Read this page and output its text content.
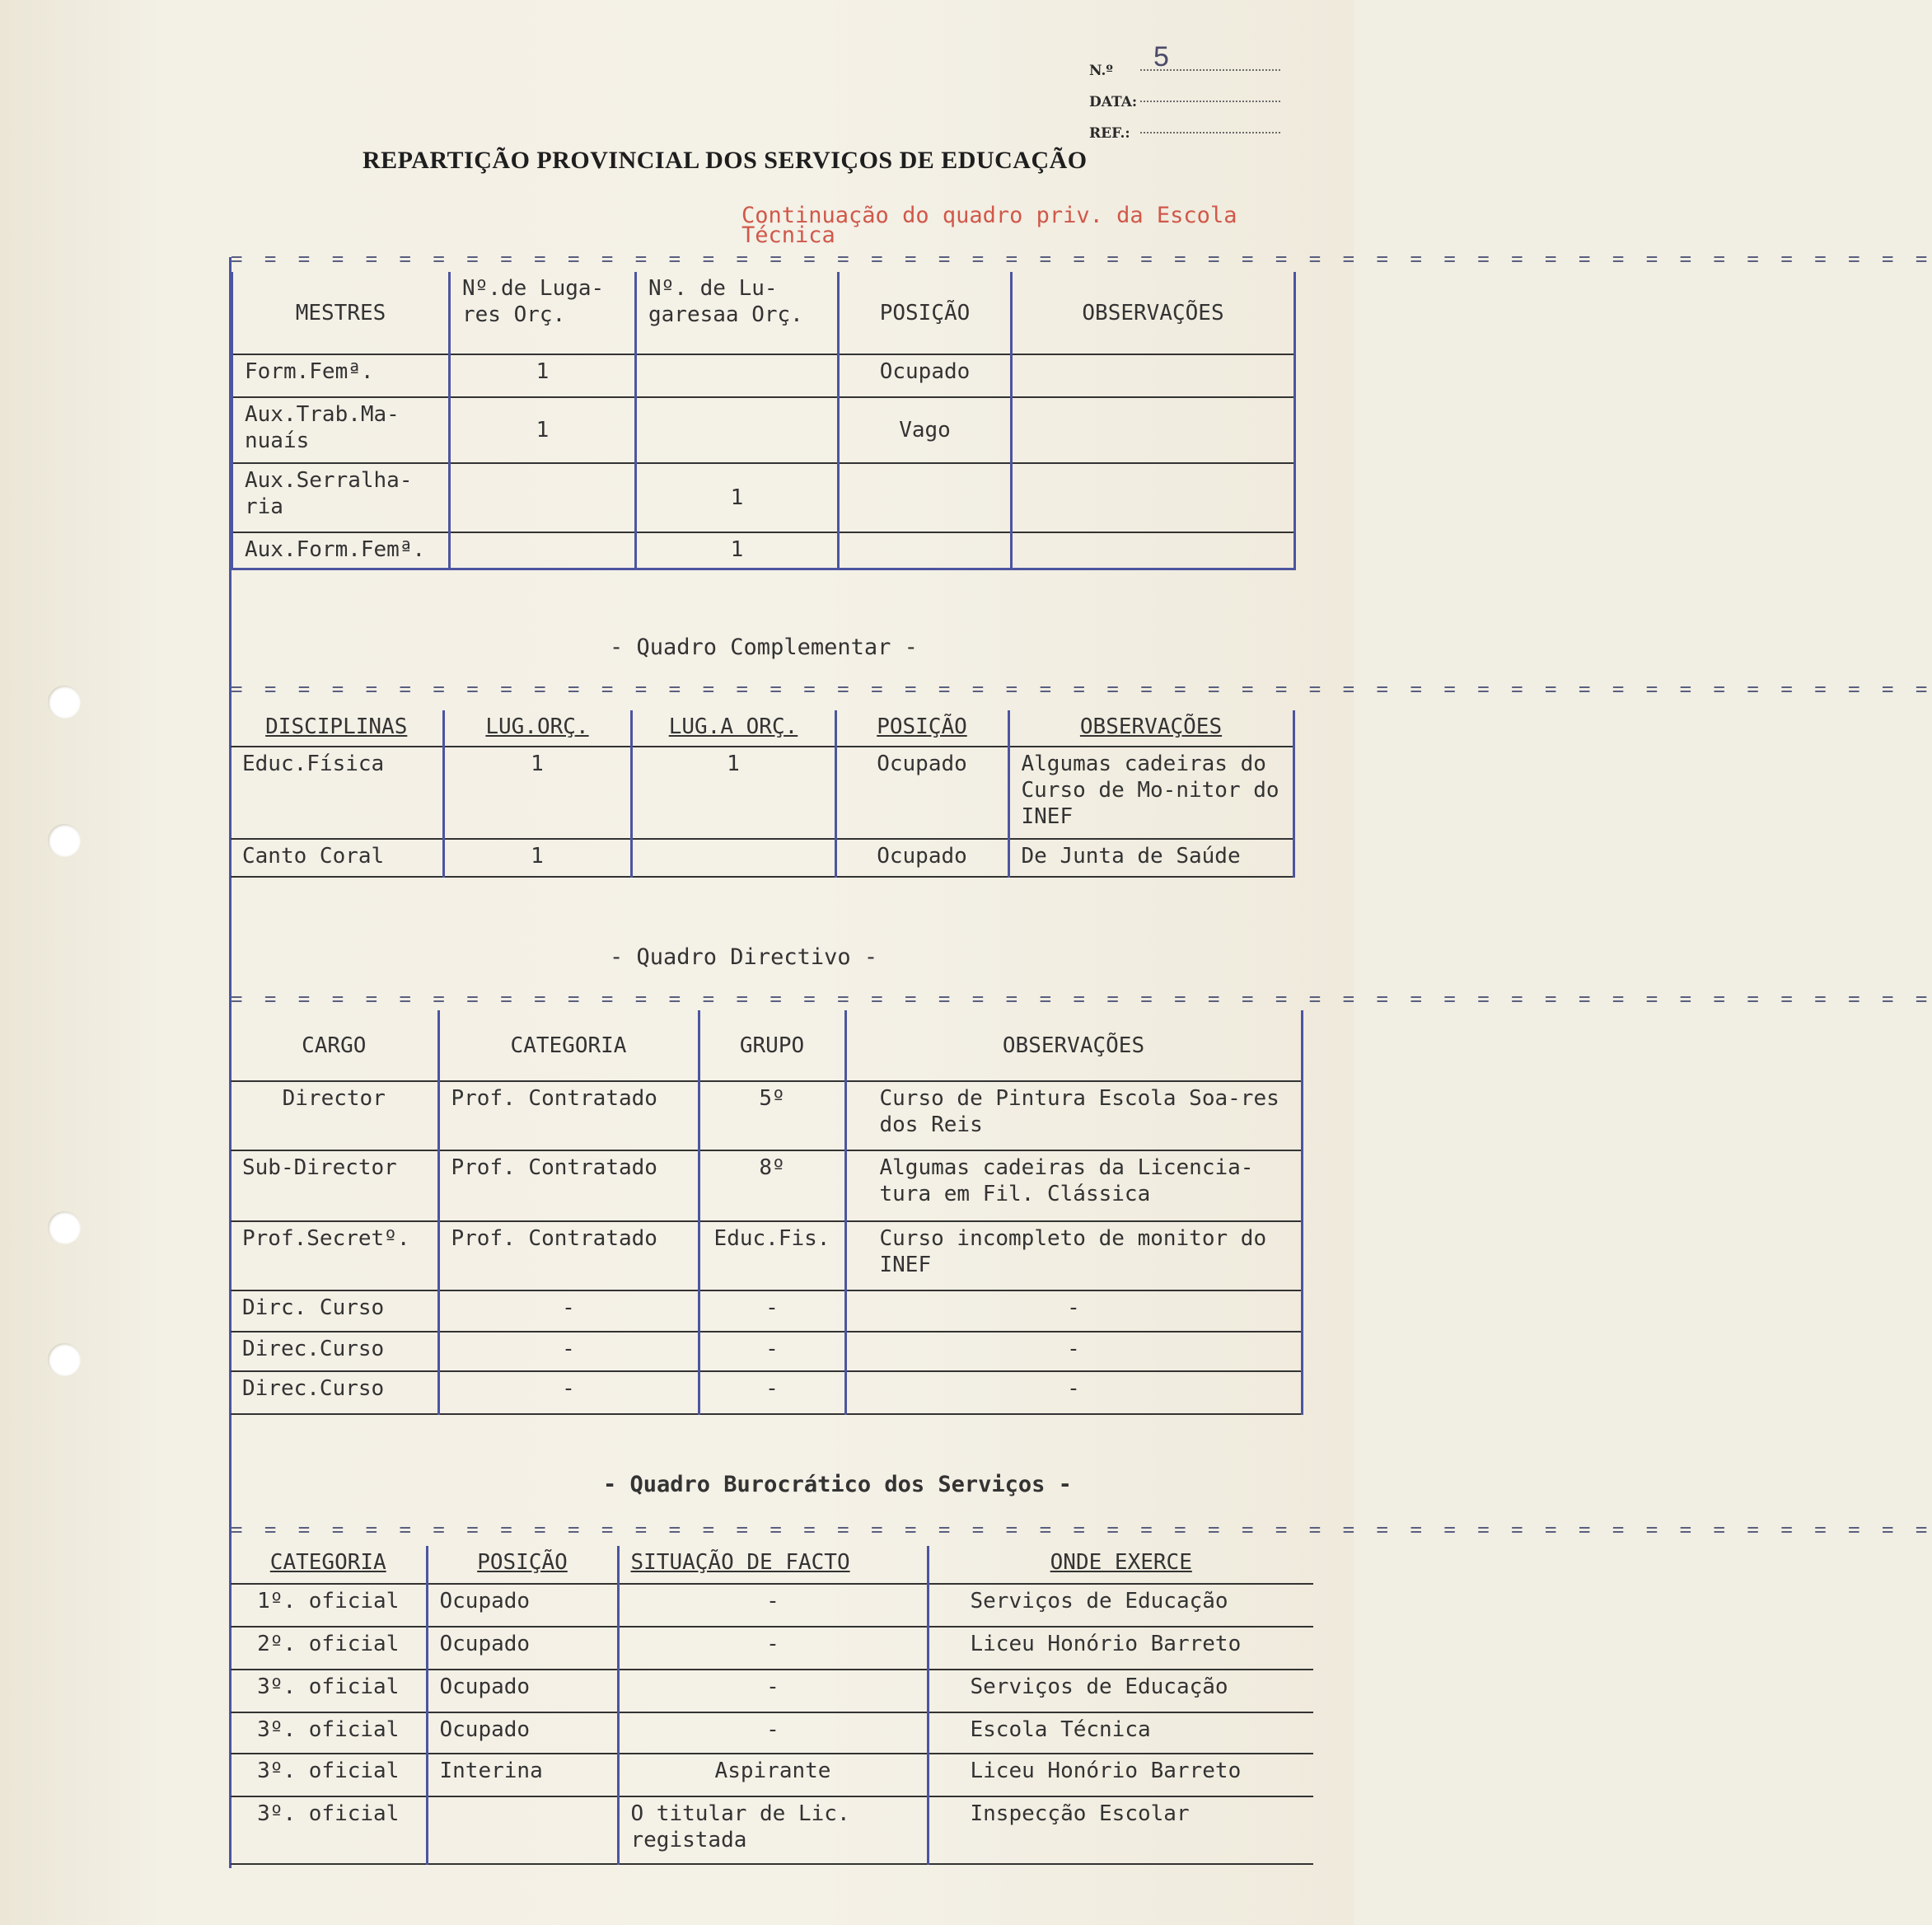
N.º 5
DATA:
REF.:
REPARTIÇÃO PROVINCIAL DOS SERVIÇOS DE EDUCAÇÃO
Continuação do quadro priv. da Escola Técnica
= = = = = = = = = = = = = = = = = = = = = = = = = = = = = = = = = = = = = = = = = = = = = = = = = = =
MESTRES	Nº.de Luga-res Orç.	Nº. de Lu-garesaa Orç.	POSIÇÃO	OBSERVAÇÕES
Form.Femª.	1		Ocupado	
Aux.Trab.Ma-nuaís	1		Vago	
Aux.Serralha-ria		1		
Aux.Form.Femª.		1		
- Quadro Complementar -
= = = = = = = = = = = = = = = = = = = = = = = = = = = = = = = = = = = = = = = = = = = = = = = = = = =
DISCIPLINAS	LUG.ORÇ.	LUG.A ORÇ.	POSIÇÃO	OBSERVAÇÕES
Educ.Física	1	1	Ocupado	Algumas cadeiras do Curso de Mo-nitor do INEF
Canto Coral	1		Ocupado	De Junta de Saúde
- Quadro Directivo -
= = = = = = = = = = = = = = = = = = = = = = = = = = = = = = = = = = = = = = = = = = = = = = = = = = =
CARGO	CATEGORIA	GRUPO	OBSERVAÇÕES
Director	Prof. Contratado	5º	Curso de Pintura Escola Soa-res dos Reis
Sub-Director	Prof. Contratado	8º	Algumas cadeiras da Licencia-tura em Fil. Clássica
Prof.Secretº.	Prof. Contratado	Educ.Fis.	Curso incompleto de monitor do INEF
Dirc. Curso	-	-	-
Direc.Curso	-	-	-
Direc.Curso	-	-	-
- Quadro Burocrático dos Serviços -
= = = = = = = = = = = = = = = = = = = = = = = = = = = = = = = = = = = = = = = = = = = = = = = = = = =
CATEGORIA	POSIÇÃO	SITUAÇÃO DE FACTO	ONDE EXERCE
1º. oficial	Ocupado	-	Serviços de Educação
2º. oficial	Ocupado	-	Liceu Honório Barreto
3º. oficial	Ocupado	-	Serviços de Educação
3º. oficial	Ocupado	-	Escola Técnica
3º. oficial	Interina	Aspirante	Liceu Honório Barreto
3º. oficial		O titular de Lic. registada	Inspecção Escolar
